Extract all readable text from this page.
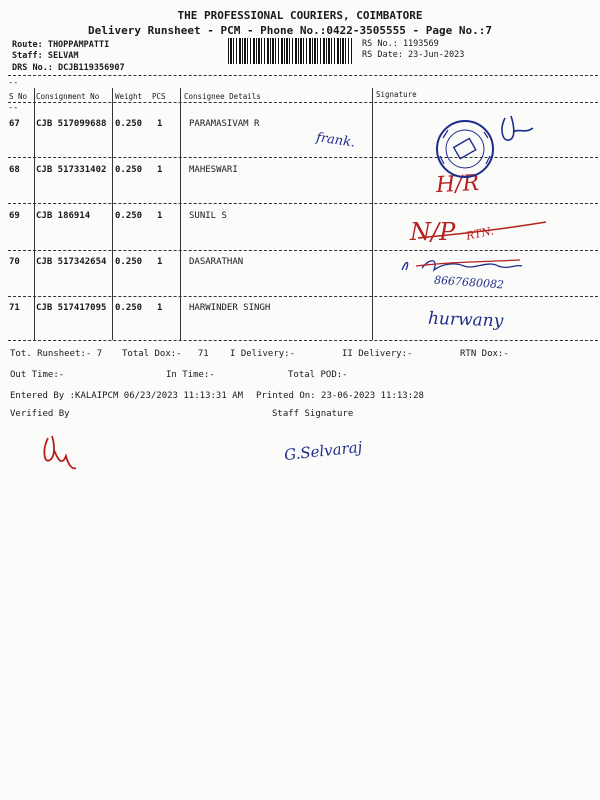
THE PROFESSIONAL COURIERS, COIMBATORE
Delivery Runsheet - PCM - Phone No.:0422-3505555 - Page No.:7
Route: THOPPAMPATTI
Staff: SELVAM
DRS No.: DCJB119356907
RS No.: 1193569
RS Date: 23-Jun-2023
--
S No Consignment No Weight PCS Consignee Details	Signature
--
67 CJB 517099688 0.250 1	PARAMASIVAM R
68 CJB 517331402 0.250 1	MAHESWARI
69 CJB 186914	0.250 1	SUNIL S
70 CJB 517342654 0.250 1	DASARATHAN
71 CJB 517417095 0.250 1	HARWINDER SINGH
frank.
H/R
N/P RTN.
8667680082
hurwany
Tot. Runsheet:- 7 Total Dox:-   71 I Delivery:-	II Delivery:-	RTN Dox:-
Out Time:-	In Time:-	Total POD:-
Entered By :KALAIPCM 06/23/2023 11:13:31 AM Printed On: 23-06-2023 11:13:28
Verified By	Staff Signature
G.Selvaraj
